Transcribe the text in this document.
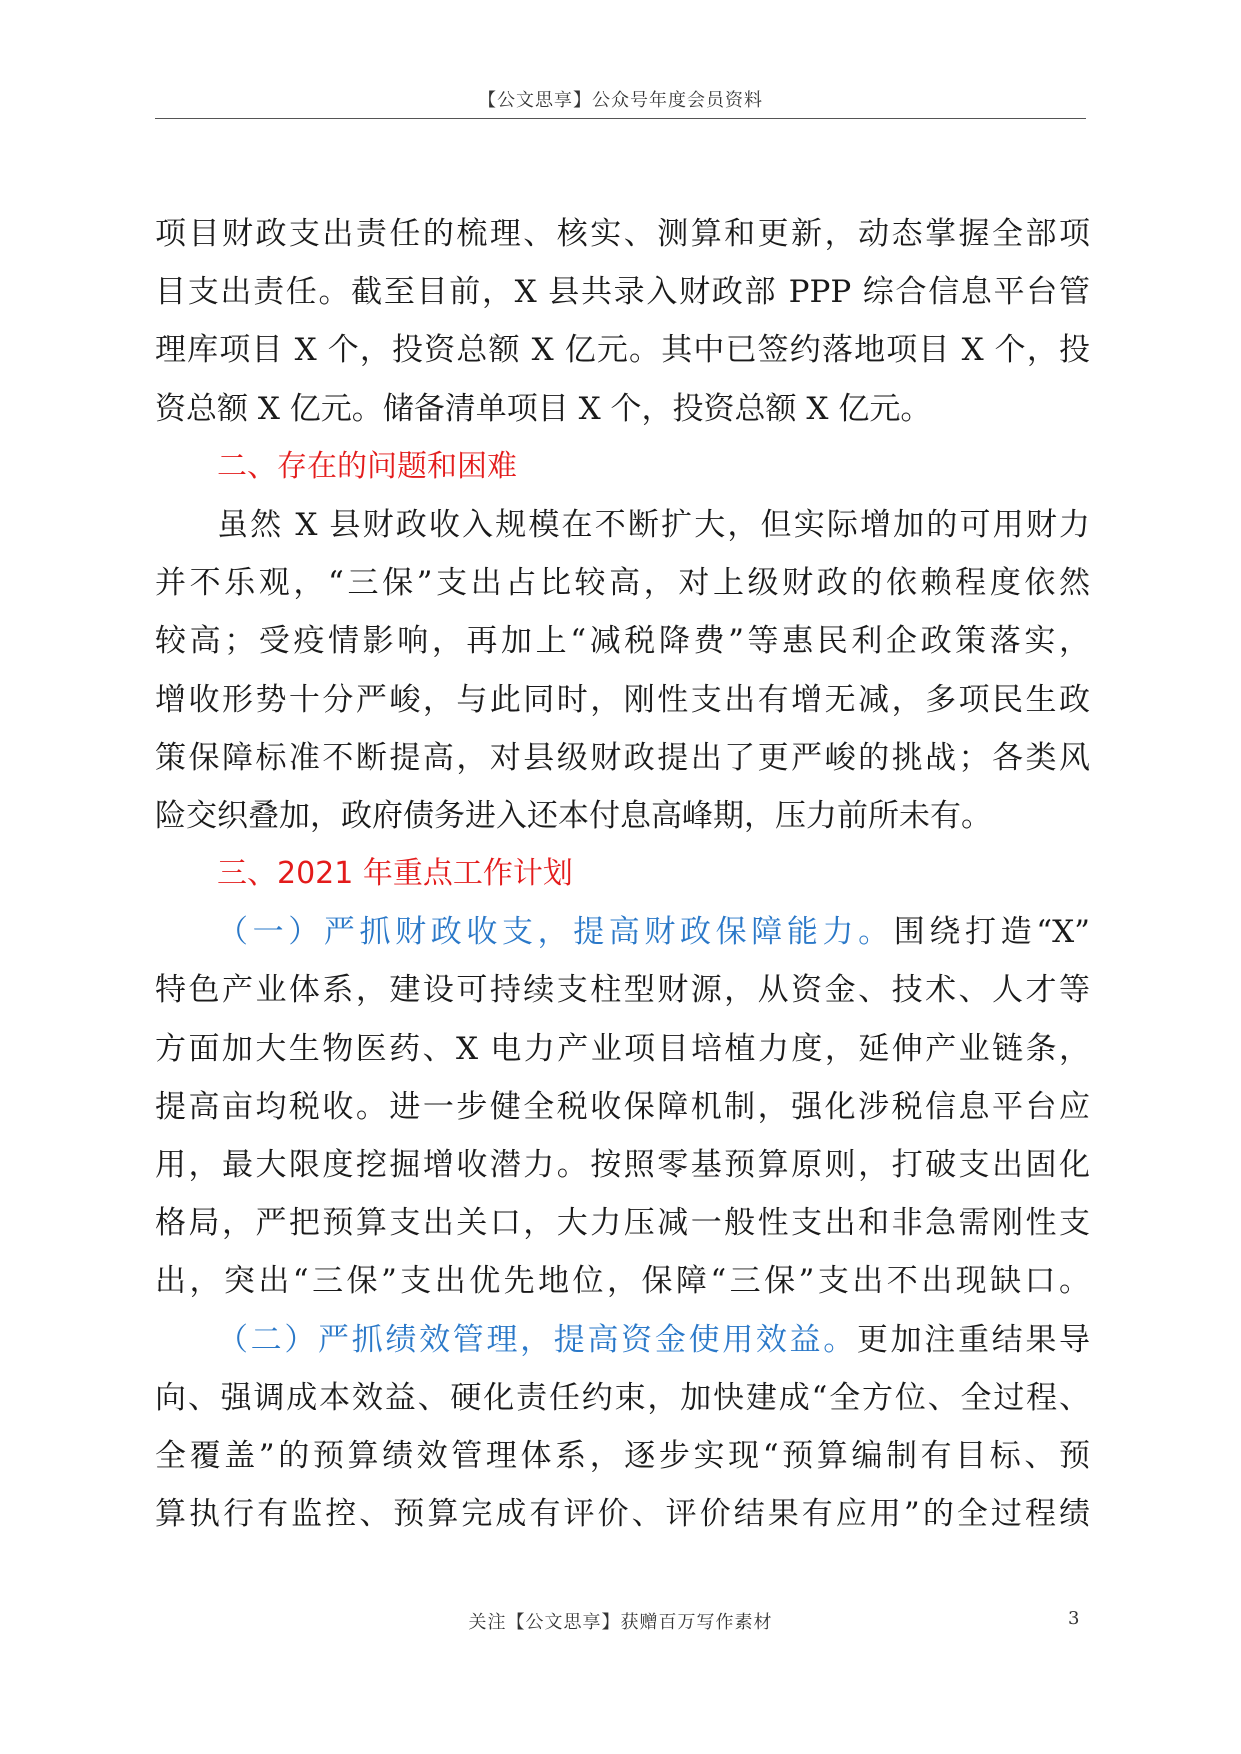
【公文思享】公众号年度会员资料
项目财政支出责任的梳理、核实、测算和更新，动态掌握全部项
目支出责任。截至目前，X 县共录入财政部 PPP 综合信息平台管
理库项目 X 个，投资总额 X 亿元。其中已签约落地项目 X 个，投
资总额 X 亿元。储备清单项目 X 个，投资总额 X 亿元。
二、存在的问题和困难
虽然 X 县财政收入规模在不断扩大，但实际增加的可用财力
并不乐观，“三保”支出占比较高，对上级财政的依赖程度依然
较高；受疫情影响，再加上“减税降费”等惠民利企政策落实，
增收形势十分严峻，与此同时，刚性支出有增无减，多项民生政
策保障标准不断提高，对县级财政提出了更严峻的挑战；各类风
险交织叠加，政府债务进入还本付息高峰期，压力前所未有。
三、2021 年重点工作计划
（一）严抓财政收支，提高财政保障能力。围绕打造“X”
特色产业体系，建设可持续支柱型财源，从资金、技术、人才等
方面加大生物医药、X 电力产业项目培植力度，延伸产业链条，
提高亩均税收。进一步健全税收保障机制，强化涉税信息平台应
用，最大限度挖掘增收潜力。按照零基预算原则，打破支出固化
格局，严把预算支出关口，大力压减一般性支出和非急需刚性支
出，突出“三保”支出优先地位，保障“三保”支出不出现缺口。
（二）严抓绩效管理，提高资金使用效益。更加注重结果导
向、强调成本效益、硬化责任约束，加快建成“全方位、全过程、
全覆盖”的预算绩效管理体系，逐步实现“预算编制有目标、预
算执行有监控、预算完成有评价、评价结果有应用”的全过程绩
关注【公文思享】获赠百万写作素材	3
